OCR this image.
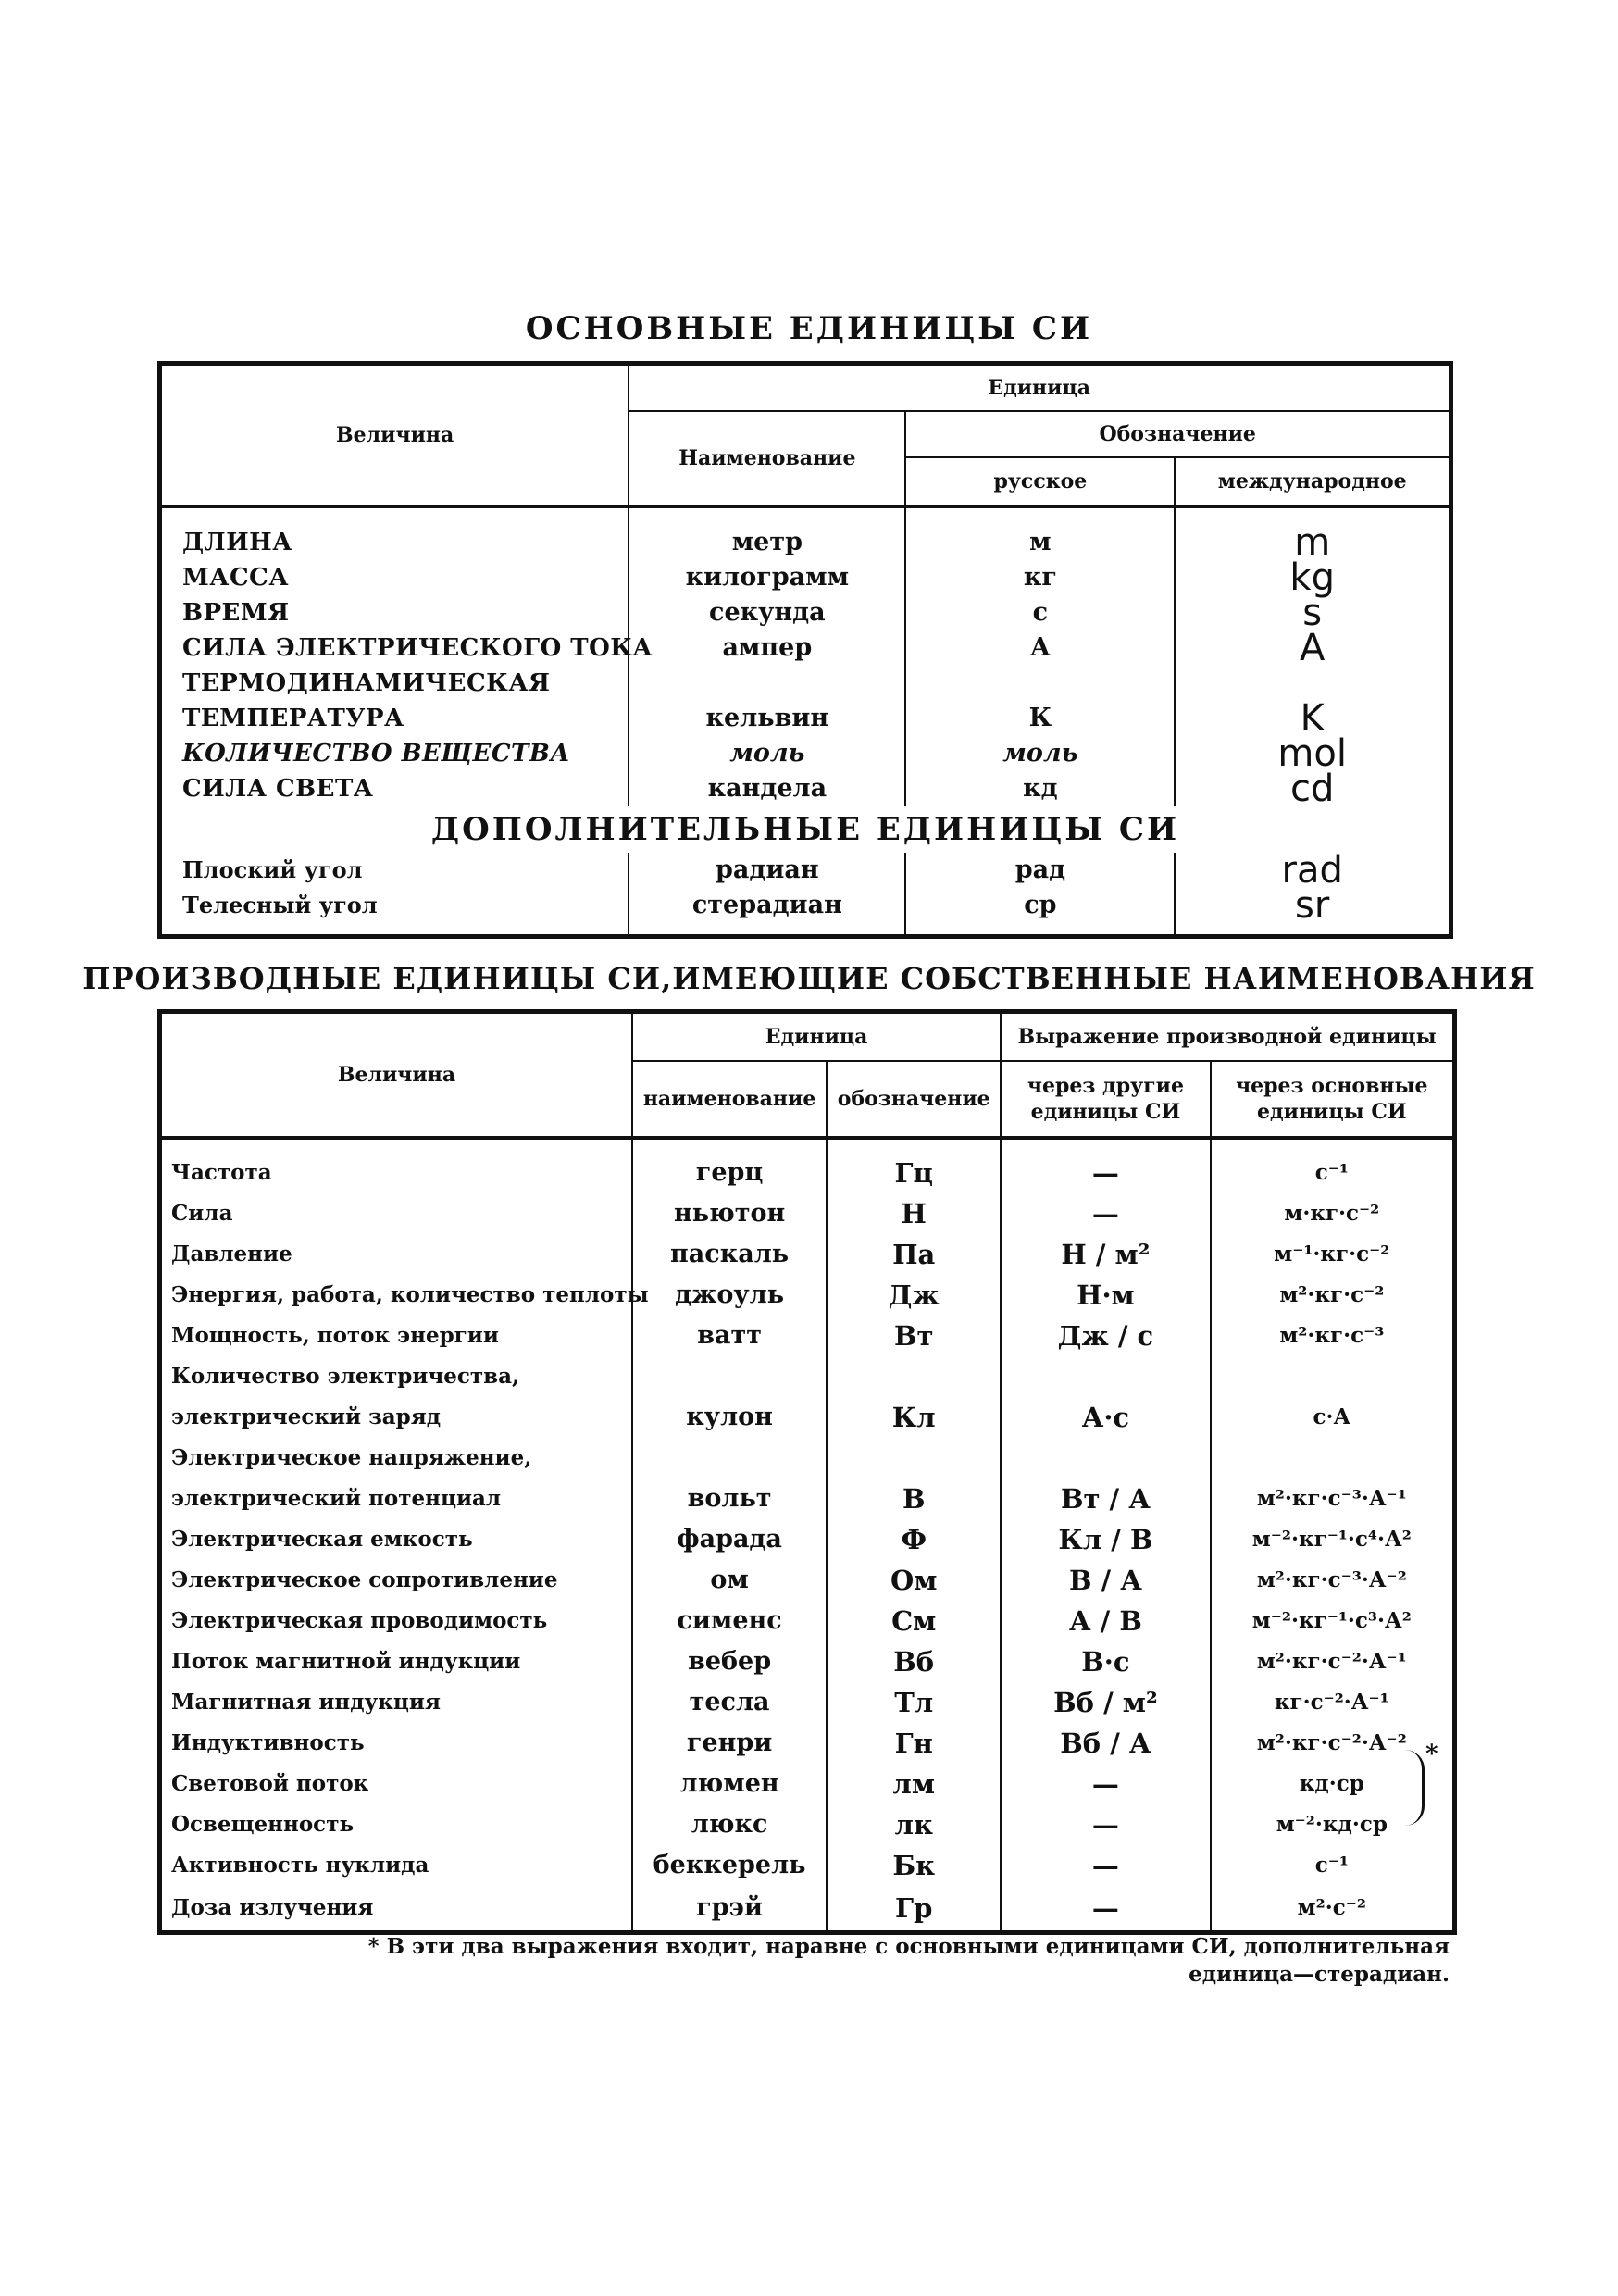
ОСНОВНЫЕ ЕДИНИЦЫ СИ
Величина	Единица		
	Наименование	Обозначение	
		русское	международное

ДЛИНА	метр	м	m
МАССА	килограмм	кг	kg
ВРЕМЯ	секунда	с	s
СИЛА ЭЛЕКТРИЧЕСКОГО ТОКА	ампер	А	A
ТЕРМОДИНАМИЧЕСКАЯ			
ТЕМПЕРАТУРА	кельвин	К	K
КОЛИЧЕСТВО ВЕЩЕСТВА	моль	моль	mol
СИЛА СВЕТА	кандела	кд	cd
ДОПОЛНИТЕЛЬНЫЕ ЕДИНИЦЫ СИ			
Плоский угол	радиан	рад	rad
Телесный угол	стерадиан	ср	sr
ПРОИЗВОДНЫЕ ЕДИНИЦЫ СИ,ИМЕЮЩИЕ СОБСТВЕННЫЕ НАИМЕНОВАНИЯ
Величина	Единица		Выражение производной единицы	
	наименование	обозначение	через другие единицы СИ	через основные единицы СИ

Частота	герц	Гц	—	с⁻¹
Сила	ньютон	Н	—	м·кг·с⁻²
Давление	паскаль	Па	Н / м²	м⁻¹·кг·с⁻²
Энергия, работа, количество теплоты	джоуль	Дж	Н·м	м²·кг·с⁻²
Мощность, поток энергии	ватт	Вт	Дж / с	м²·кг·с⁻³
Количество электричества,				
электрический заряд	кулон	Кл	А·с	с·А
Электрическое напряжение,				
электрический потенциал	вольт	В	Вт / А	м²·кг·с⁻³·А⁻¹
Электрическая емкость	фарада	Ф	Кл / В	м⁻²·кг⁻¹·с⁴·А²
Электрическое сопротивление	ом	Ом	В / А	м²·кг·с⁻³·А⁻²
Электрическая проводимость	сименс	См	А / В	м⁻²·кг⁻¹·с³·А²
Поток магнитной индукции	вебер	Вб	В·с	м²·кг·с⁻²·А⁻¹
Магнитная индукция	тесла	Тл	Вб / м²	кг·с⁻²·А⁻¹
Индуктивность	генри	Гн	Вб / А	м²·кг·с⁻²·А⁻²
Световой поток	люмен	лм	—	кд·ср
Освещенность	люкс	лк	—	м⁻²·кд·ср
Активность нуклида	беккерель	Бк	—	с⁻¹
Доза излучения	грэй	Гр	—	м²·с⁻²
*
* В эти два выражения входит, наравне с основными единицами СИ, дополнительная единица—стерадиан.
